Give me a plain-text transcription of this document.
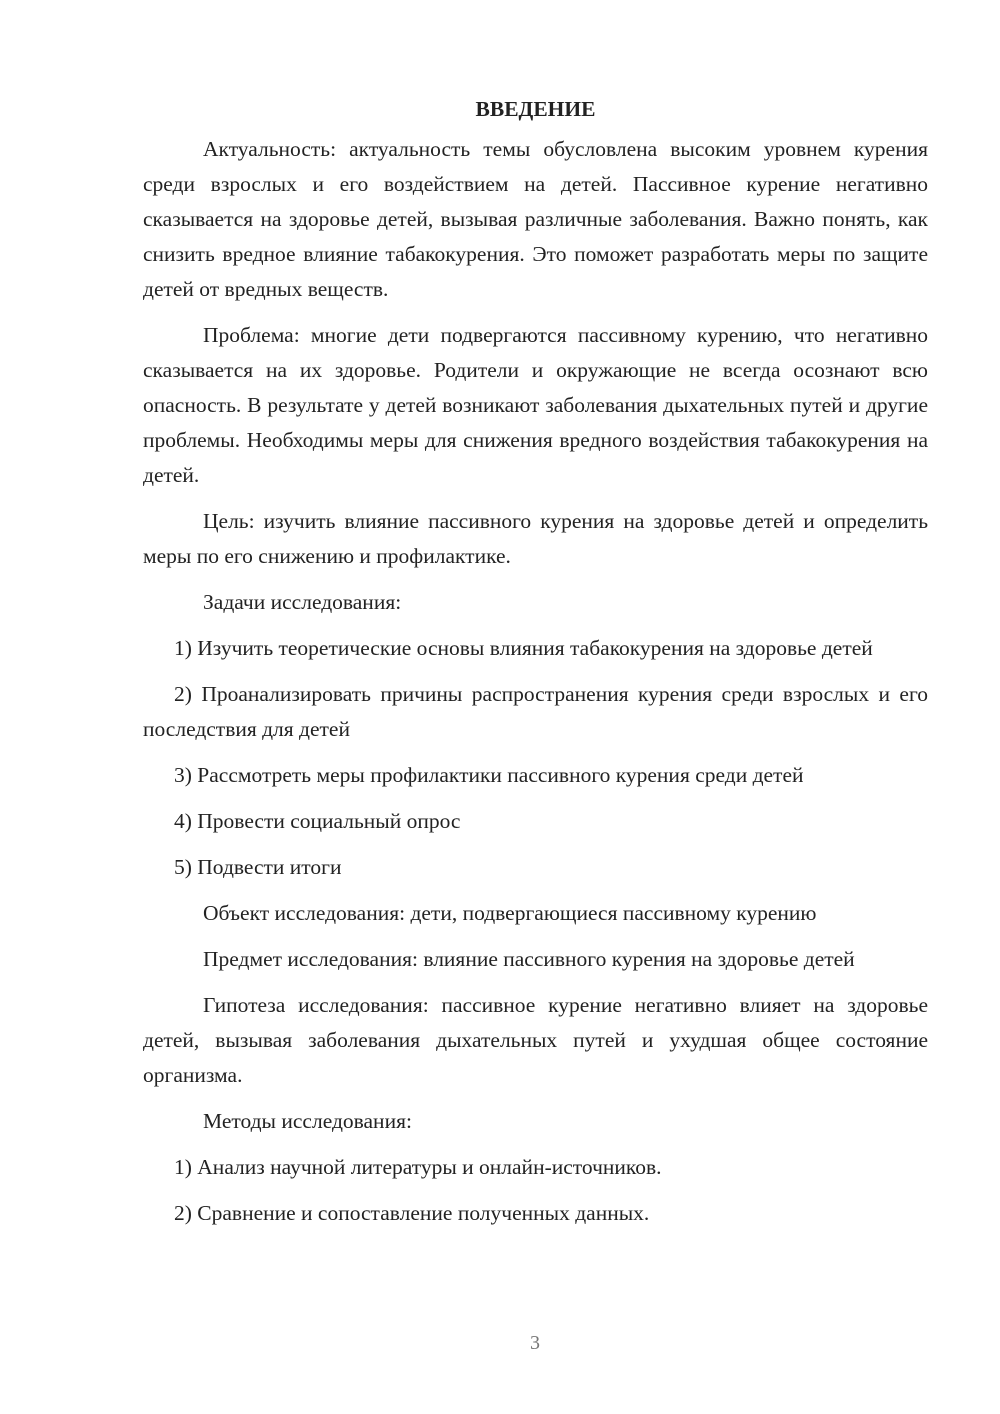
ВВЕДЕНИЕ

Актуальность: актуальность темы обусловлена высоким уровнем курения среди взрослых и его воздействием на детей. Пассивное курение негативно сказывается на здоровье детей, вызывая различные заболевания. Важно понять, как снизить вредное влияние табакокурения. Это поможет разработать меры по защите детей от вредных веществ.

Проблема: многие дети подвергаются пассивному курению, что негативно сказывается на их здоровье. Родители и окружающие не всегда осознают всю опасность. В результате у детей возникают заболевания дыхательных путей и другие проблемы. Необходимы меры для снижения вредного воздействия табакокурения на детей.

Цель: изучить влияние пассивного курения на здоровье детей и определить меры по его снижению и профилактике.

Задачи исследования:

1) Изучить теоретические основы влияния табакокурения на здоровье детей

2) Проанализировать причины распространения курения среди взрослых и его последствия для детей

3) Рассмотреть меры профилактики пассивного курения среди детей

4) Провести социальный опрос

5) Подвести итоги

Объект исследования: дети, подвергающиеся пассивному курению

Предмет исследования: влияние пассивного курения на здоровье детей

Гипотеза исследования: пассивное курение негативно влияет на здоровье детей, вызывая заболевания дыхательных путей и ухудшая общее состояние организма.

Методы исследования:

1) Анализ научной литературы и онлайн-источников.

2) Сравнение и сопоставление полученных данных.

3
